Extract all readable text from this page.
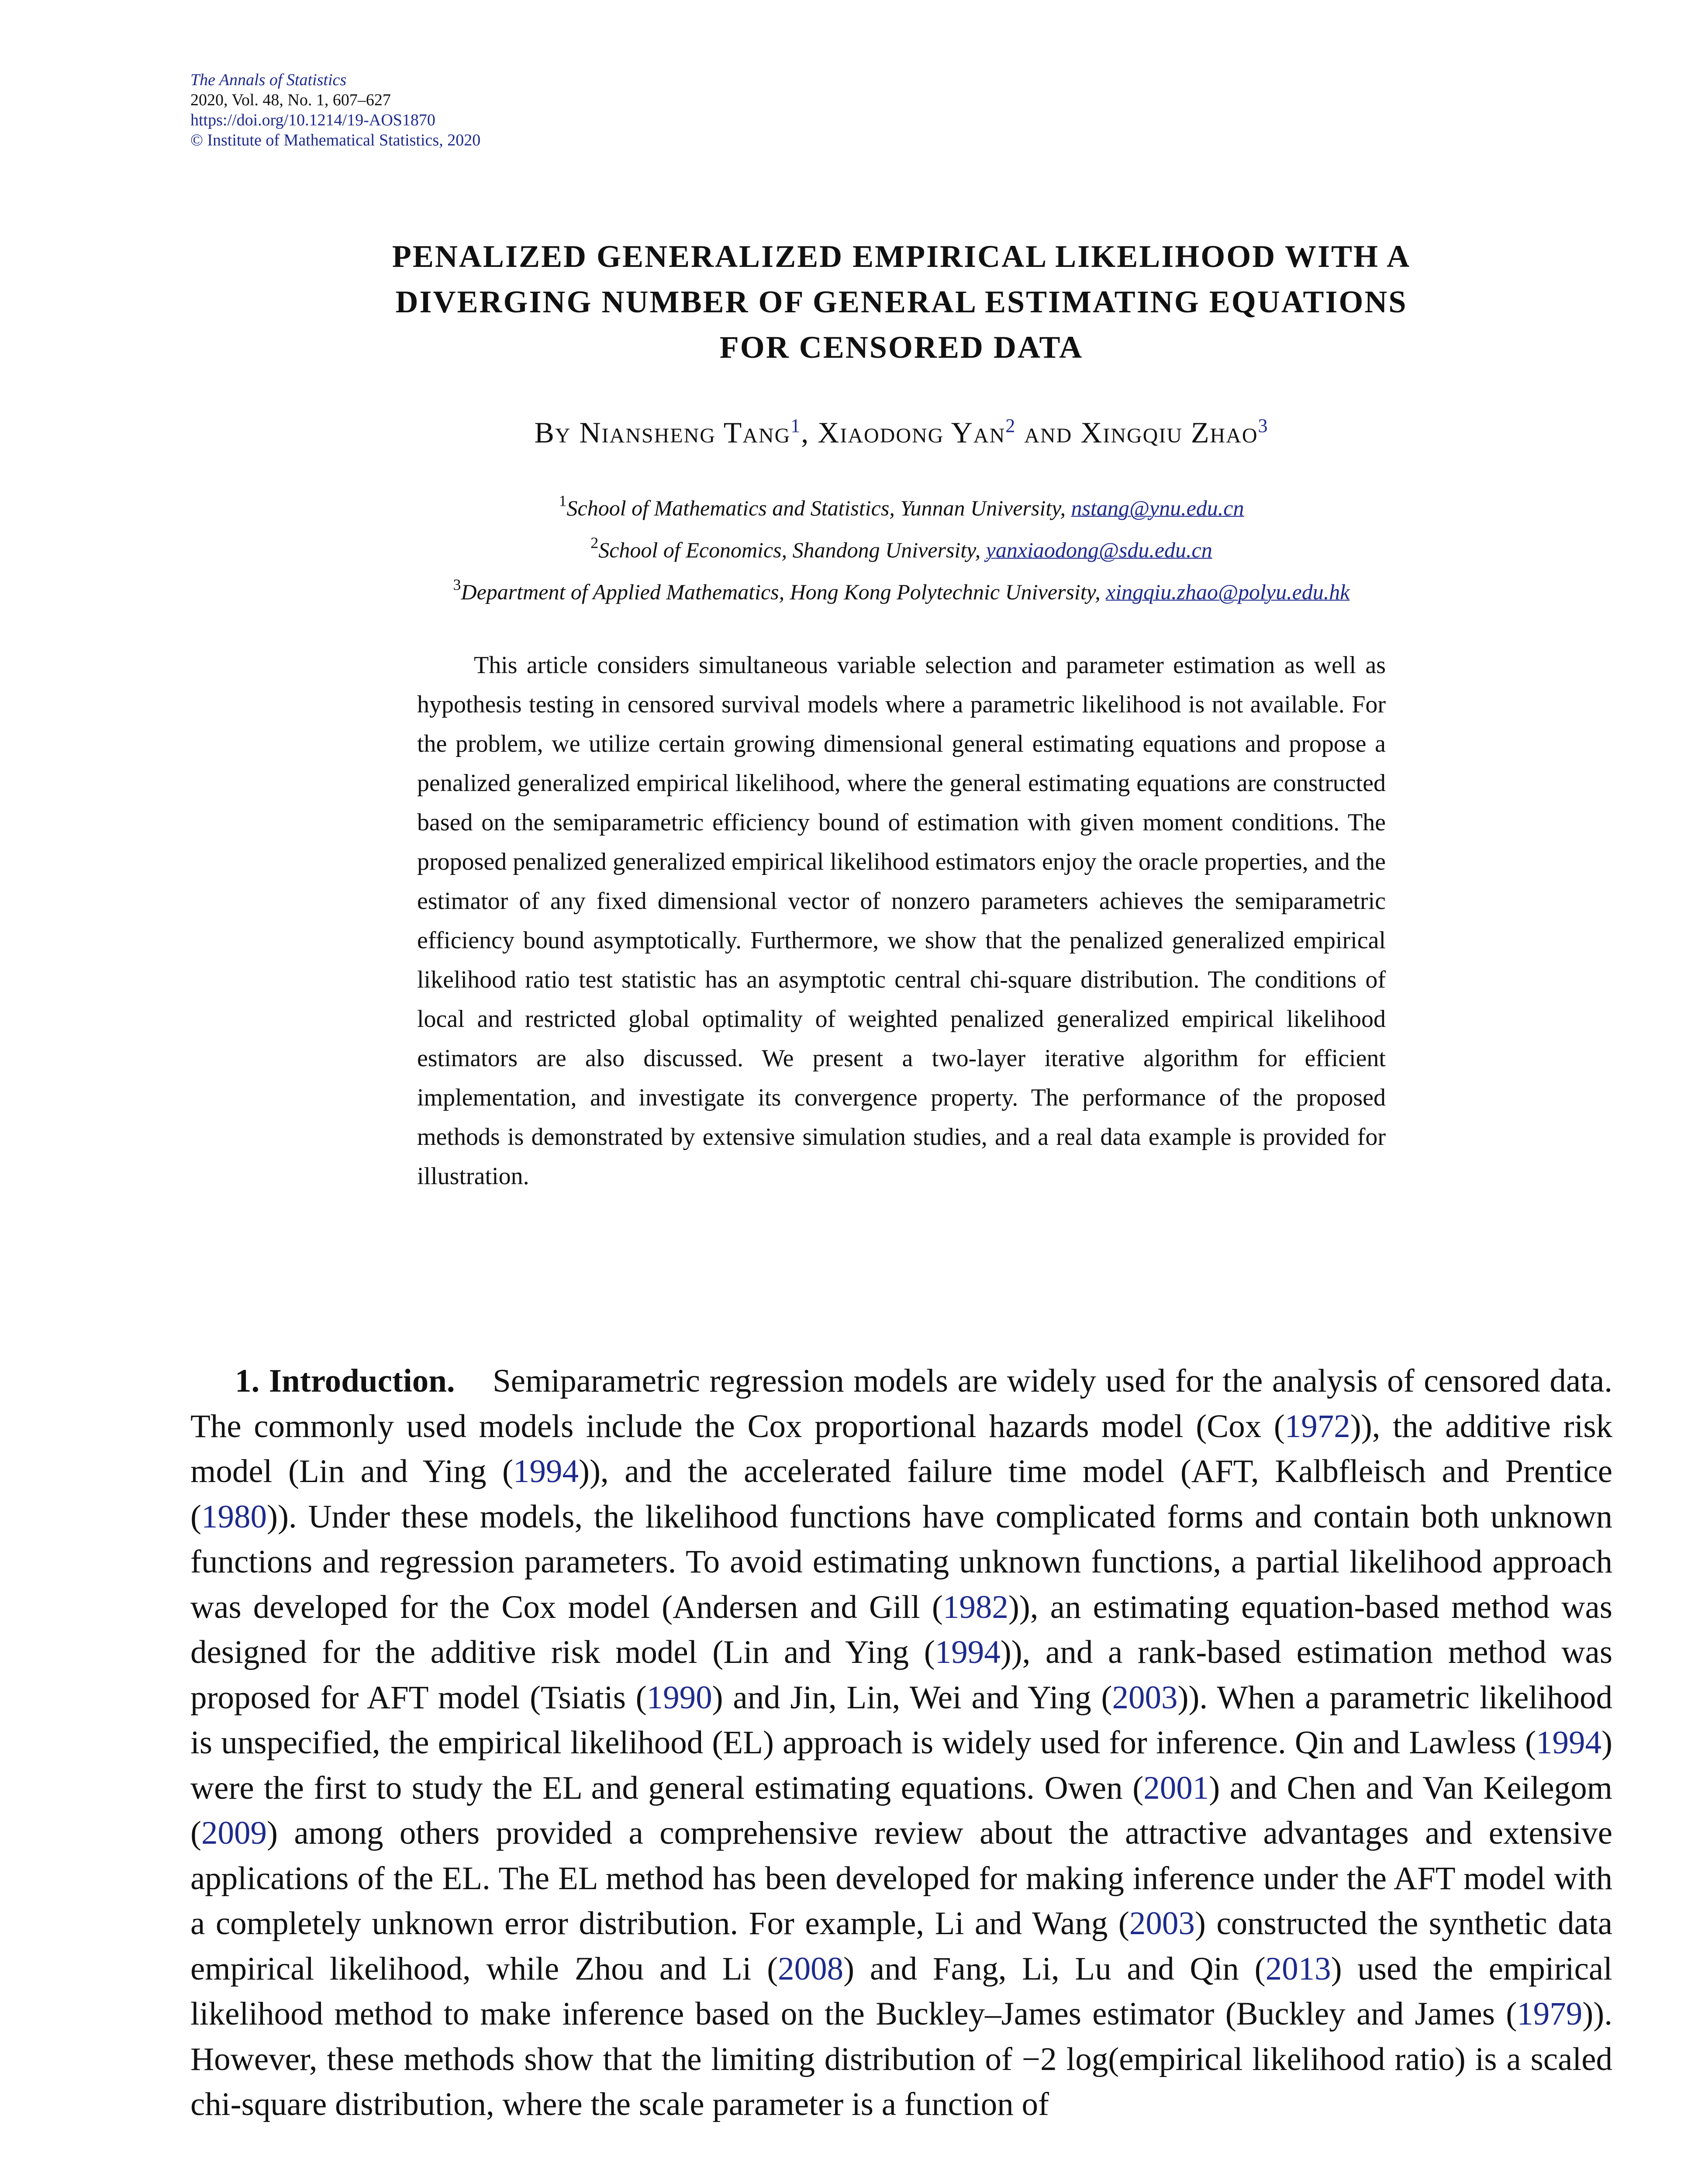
The Annals of Statistics
2020, Vol. 48, No. 1, 607–627
https://doi.org/10.1214/19-AOS1870
© Institute of Mathematical Statistics, 2020
PENALIZED GENERALIZED EMPIRICAL LIKELIHOOD WITH A
DIVERGING NUMBER OF GENERAL ESTIMATING EQUATIONS
FOR CENSORED DATA
By Niansheng Tang$^1$, Xiaodong Yan$^2$ and Xingqiu Zhao$^3$
$^1$School of Mathematics and Statistics, Yunnan University, nstang@ynu.edu.cn
$^2$School of Economics, Shandong University, yanxiaodong@sdu.edu.cn
$^3$Department of Applied Mathematics, Hong Kong Polytechnic University, xingqiu.zhao@polyu.edu.hk

This article considers simultaneous variable selection and parameter estimation as well as hypothesis testing in censored survival models where a parametric likelihood is not available. For the problem, we utilize certain growing dimensional general estimating equations and propose a penalized generalized empirical likelihood, where the general estimating equations are constructed based on the semiparametric efficiency bound of estimation with given moment conditions. The proposed penalized generalized empirical likelihood estimators enjoy the oracle properties, and the estimator of any fixed dimensional vector of nonzero parameters achieves the semiparametric efficiency bound asymptotically. Furthermore, we show that the penalized generalized empirical likelihood ratio test statistic has an asymptotic central chi-square distribution. The conditions of local and restricted global optimality of weighted penalized generalized empirical likelihood estimators are also discussed. We present a two-layer iterative algorithm for efficient implementation, and investigate its convergence property. The performance of the proposed methods is demonstrated by extensive simulation studies, and a real data example is provided for illustration.

1. Introduction. Semiparametric regression models are widely used for the analysis of censored data. The commonly used models include the Cox proportional hazards model (Cox (1972)), the additive risk model (Lin and Ying (1994)), and the accelerated failure time model (AFT, Kalbfleisch and Prentice (1980)). Under these models, the likelihood functions have complicated forms and contain both unknown functions and regression parameters. To avoid estimating unknown functions, a partial likelihood approach was developed for the Cox model (Andersen and Gill (1982)), an estimating equation-based method was designed for the additive risk model (Lin and Ying (1994)), and a rank-based estimation method was proposed for AFT model (Tsiatis (1990) and Jin, Lin, Wei and Ying (2003)). When a parametric likelihood is unspecified, the empirical likelihood (EL) approach is widely used for inference. Qin and Lawless (1994) were the first to study the EL and general estimating equations. Owen (2001) and Chen and Van Keilegom (2009) among others provided a comprehensive review about the attractive advantages and extensive applications of the EL. The EL method has been developed for making inference under the AFT model with a completely unknown error distribution. For example, Li and Wang (2003) constructed the synthetic data empirical likelihood, while Zhou and Li (2008) and Fang, Li, Lu and Qin (2013) used the empirical likelihood method to make inference based on the Buckley–James estimator (Buckley and James (1979)). However, these methods show that the limiting distribution of −2 log(empirical likelihood ratio) is a scaled chi-square distribution, where the scale parameter is a function of
